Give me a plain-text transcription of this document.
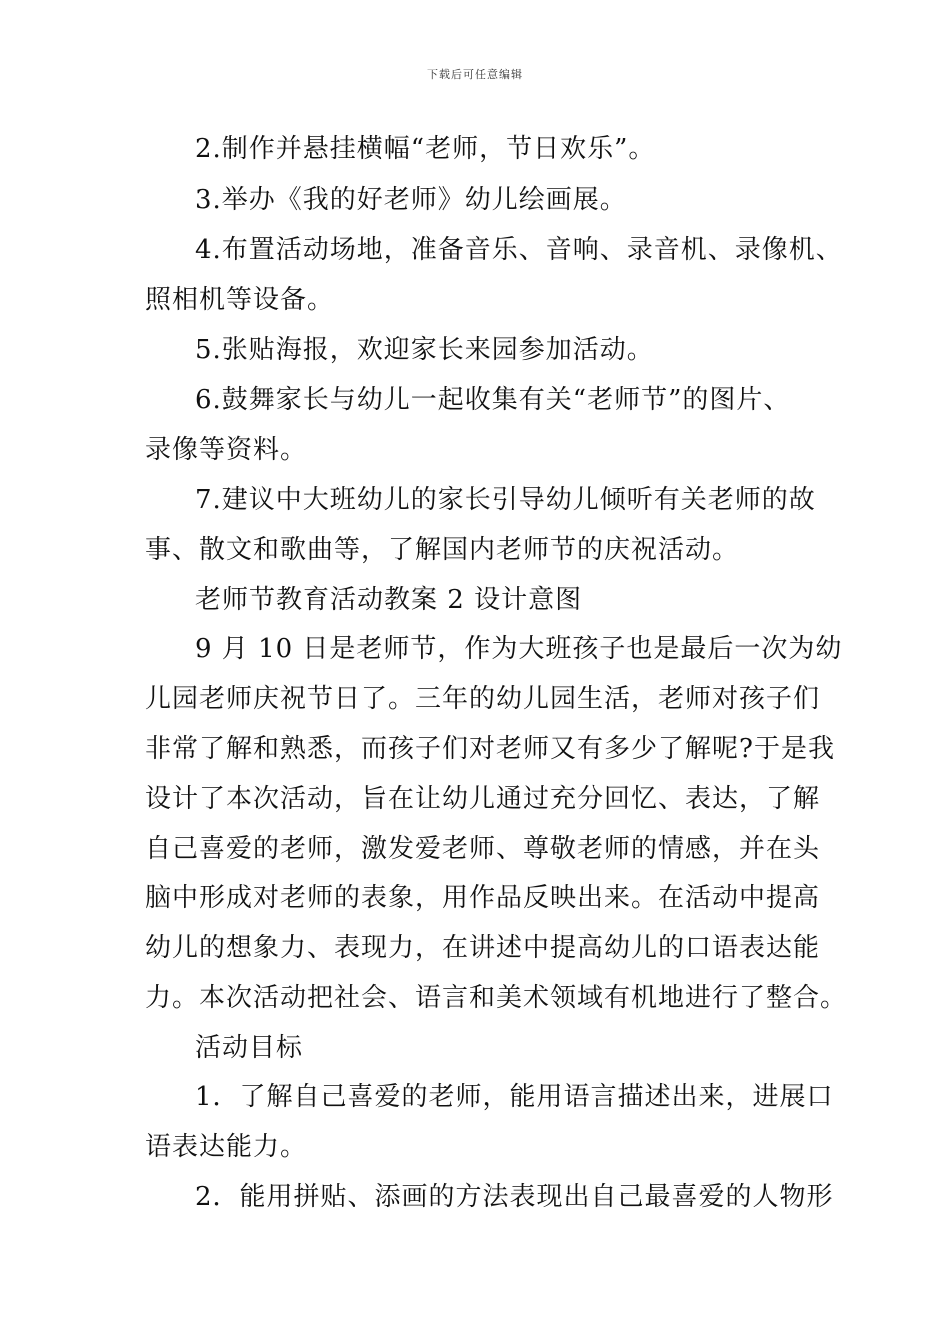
下载后可任意编辑
2.制作并悬挂横幅“老师，节日欢乐”。
3.举办《我的好老师》幼儿绘画展。
4.布置活动场地，准备音乐、音响、录音机、录像机、
照相机等设备。
5.张贴海报，欢迎家长来园参加活动。
6.鼓舞家长与幼儿一起收集有关“老师节”的图片、
录像等资料。
7.建议中大班幼儿的家长引导幼儿倾听有关老师的故
事、散文和歌曲等，了解国内老师节的庆祝活动。
老师节教育活动教案 2 设计意图
9 月 10 日是老师节，作为大班孩子也是最后一次为幼
儿园老师庆祝节日了。三年的幼儿园生活，老师对孩子们
非常了解和熟悉，而孩子们对老师又有多少了解呢?于是我
设计了本次活动，旨在让幼儿通过充分回忆、表达，了解
自己喜爱的老师，激发爱老师、尊敬老师的情感，并在头
脑中形成对老师的表象，用作品反映出来。在活动中提高
幼儿的想象力、表现力，在讲述中提高幼儿的口语表达能
力。本次活动把社会、语言和美术领域有机地进行了整合。
活动目标
1．了解自己喜爱的老师，能用语言描述出来，进展口
语表达能力。
2．能用拼贴、添画的方法表现出自己最喜爱的人物形
